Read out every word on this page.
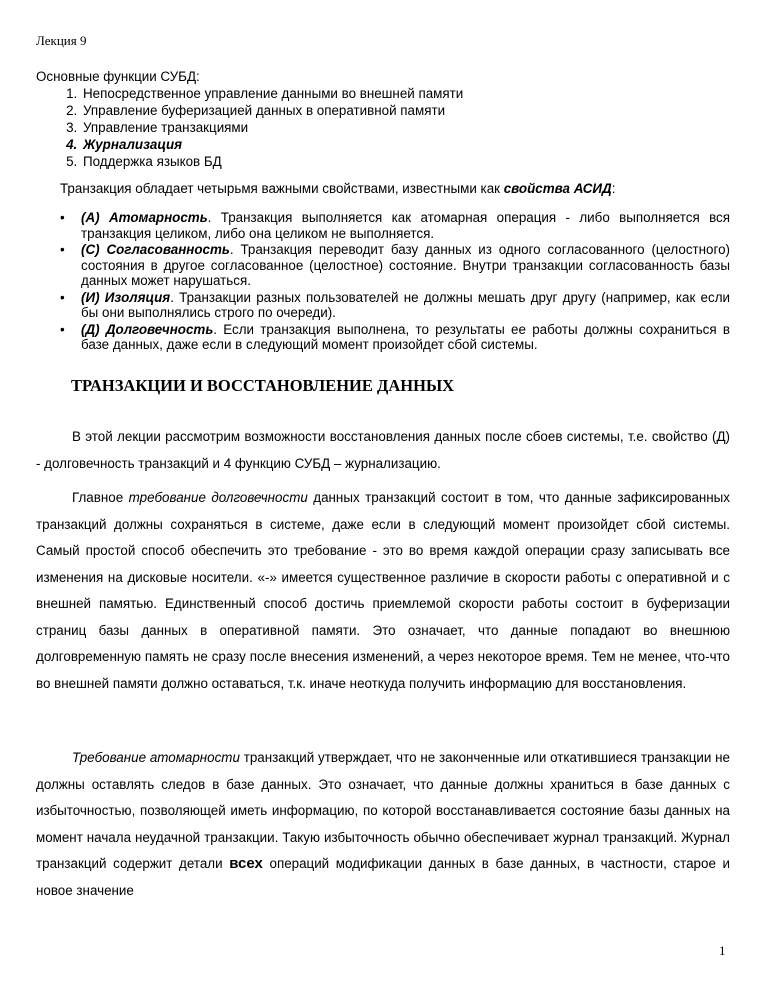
Лекция 9
Основные функции СУБД:
1. Непосредственное управление данными во внешней памяти
2. Управление буферизацией данных в оперативной памяти
3. Управление транзакциями
4. Журнализация
5. Поддержка языков БД
Транзакция обладает четырьмя важными свойствами, известными как свойства АСИД:
• (А) Атомарность. Транзакция выполняется как атомарная операция - либо выполняется вся транзакция целиком, либо она целиком не выполняется.
• (С) Согласованность. Транзакция переводит базу данных из одного согласованного (целостного) состояния в другое согласованное (целостное) состояние. Внутри транзакции согласованность базы данных может нарушаться.
• (И) Изоляция. Транзакции разных пользователей не должны мешать друг другу (например, как если бы они выполнялись строго по очереди).
• (Д) Долговечность. Если транзакция выполнена, то результаты ее работы должны сохраниться в базе данных, даже если в следующий момент произойдет сбой системы.
ТРАНЗАКЦИИ И ВОССТАНОВЛЕНИЕ ДАННЫХ

В этой лекции рассмотрим возможности восстановления данных после сбоев системы, т.е. свойство (Д) - долговечность транзакций и 4 функцию СУБД – журнализацию.

Главное требование долговечности данных транзакций состоит в том, что данные зафиксированных транзакций должны сохраняться в системе, даже если в следующий момент произойдет сбой системы. Самый простой способ обеспечить это требование - это во время каждой операции сразу записывать все изменения на дисковые носители. «-» имеется существенное различие в скорости работы с оперативной и с внешней памятью. Единственный способ достичь приемлемой скорости работы состоит в буферизации страниц базы данных в оперативной памяти. Это означает, что данные попадают во внешнюю долговременную память не сразу после внесения изменений, а через некоторое время. Тем не менее, что-что во внешней памяти должно оставаться, т.к. иначе неоткуда получить информацию для восстановления.

Требование атомарности транзакций утверждает, что не законченные или откатившиеся транзакции не должны оставлять следов в базе данных. Это означает, что данные должны храниться в базе данных с избыточностью, позволяющей иметь информацию, по которой восстанавливается состояние базы данных на момент начала неудачной транзакции. Такую избыточность обычно обеспечивает журнал транзакций. Журнал транзакций содержит детали всех операций модификации данных в базе данных, в частности, старое и новое значение

1
